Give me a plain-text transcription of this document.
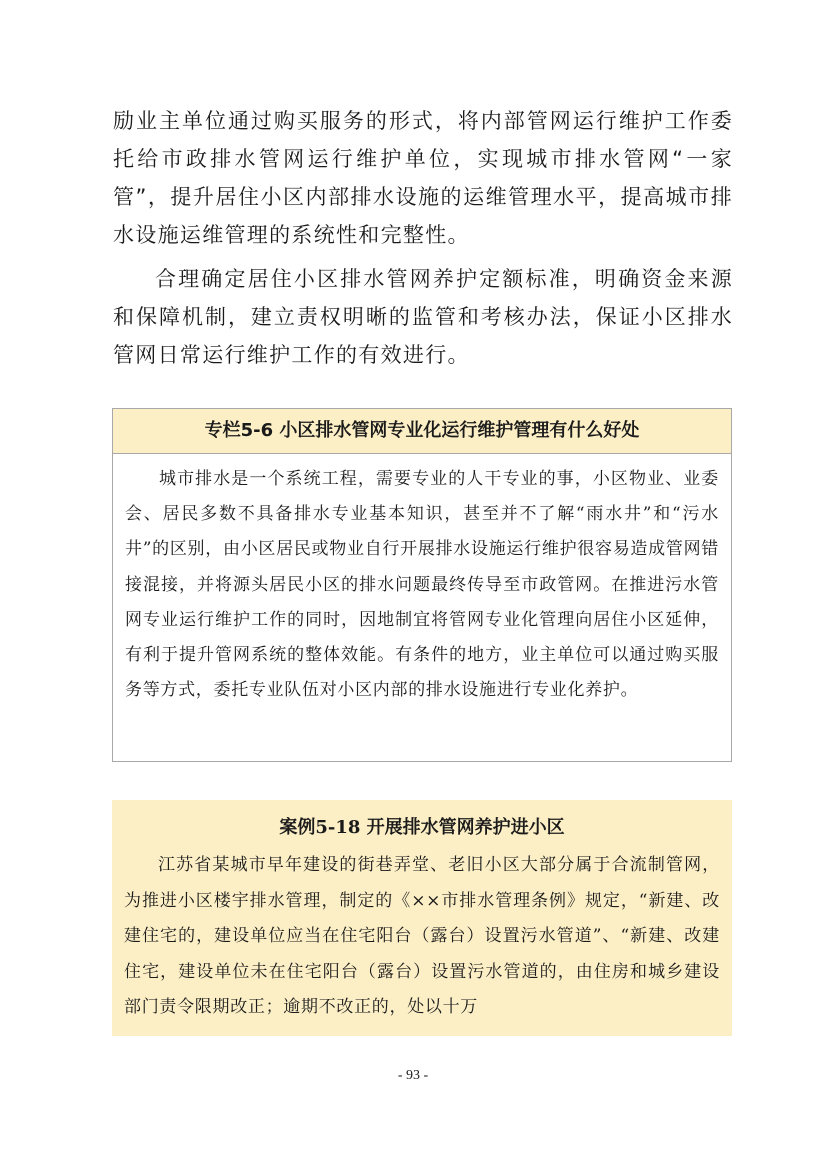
励业主单位通过购买服务的形式，将内部管网运行维护工作委托给市政排水管网运行维护单位，实现城市排水管网“一家管”，提升居住小区内部排水设施的运维管理水平，提高城市排水设施运维管理的系统性和完整性。

合理确定居住小区排水管网养护定额标准，明确资金来源和保障机制，建立责权明晰的监管和考核办法，保证小区排水管网日常运行维护工作的有效进行。

专栏5-6 小区排水管网专业化运行维护管理有什么好处

城市排水是一个系统工程，需要专业的人干专业的事，小区物业、业委会、居民多数不具备排水专业基本知识，甚至并不了解“雨水井”和“污水井”的区别，由小区居民或物业自行开展排水设施运行维护很容易造成管网错接混接，并将源头居民小区的排水问题最终传导至市政管网。在推进污水管网专业运行维护工作的同时，因地制宜将管网专业化管理向居住小区延伸，有利于提升管网系统的整体效能。有条件的地方，业主单位可以通过购买服务等方式，委托专业队伍对小区内部的排水设施进行专业化养护。

案例5-18 开展排水管网养护进小区

江苏省某城市早年建设的街巷弄堂、老旧小区大部分属于合流制管网，为推进小区楼宇排水管理，制定的《××市排水管理条例》规定，“新建、改建住宅的，建设单位应当在住宅阳台（露台）设置污水管道”、“新建、改建住宅，建设单位未在住宅阳台（露台）设置污水管道的，由住房和城乡建设部门责令限期改正；逾期不改正的，处以十万

- 93 -
